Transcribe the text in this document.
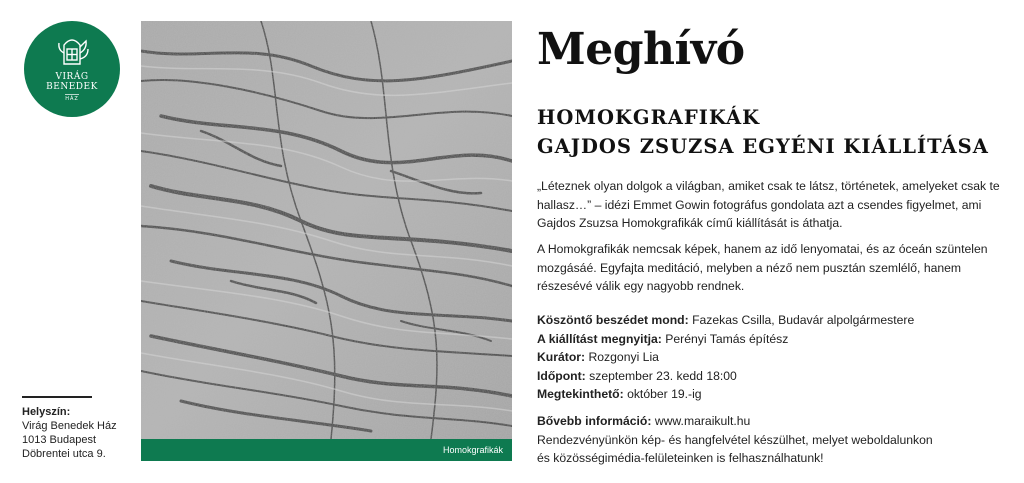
VIRÁG
BENEDEK
HÁZ
Helyszín:
Virág Benedek Ház
1013 Budapest
Döbrentei utca 9.	Homokgrafikák
Meghívó
HOMOKGRAFIKÁK
GAJDOS ZSUZSA EGYÉNI KIÁLLÍTÁSA
„Léteznek olyan dolgok a világban, amiket csak te látsz, történetek, amelyeket csak te hallasz…” – idézi Emmet Gowin fotográfus gondolata azt a csendes figyelmet, ami Gajdos Zsuzsa Homokgrafikák című kiállítását is áthatja.
A Homokgrafikák nemcsak képek, hanem az idő lenyomatai, és az óceán szüntelen mozgásáé. Egyfajta meditáció, melyben a néző nem pusztán szemlélő, hanem részesévé válik egy nagyobb rendnek.
Köszöntő beszédet mond: Fazekas Csilla, Budavár alpolgármestere
A kiállítást megnyitja: Perényi Tamás építész
Kurátor: Rozgonyi Lia
Időpont: szeptember 23. kedd 18:00
Megtekinthető: október 19.-ig
Bővebb információ: www.maraikult.hu
Rendezvényünkön kép- és hangfelvétel készülhet, melyet weboldalunkon
és közösségimédia-felületeinken is felhasználhatunk!
